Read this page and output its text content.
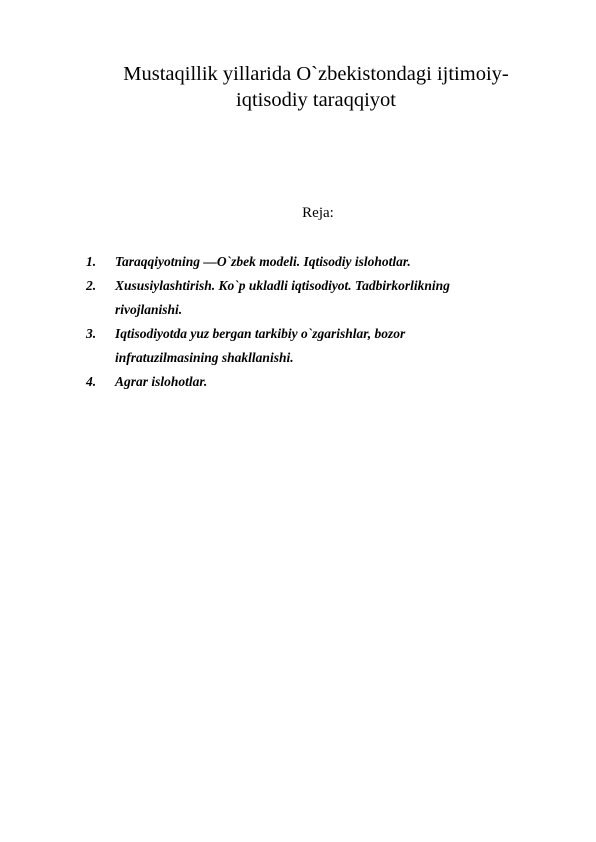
Mustaqillik yillarida O`zbekistondagi ijtimoiy-
iqtisodiy taraqqiyot
Reja:
1. Taraqqiyotning ―O`zbek modeli. Iqtisodiy islohotlar.
2. Xususiylashtirish. Ko`p ukladli iqtisodiyot. Tadbirkorlikning
rivojlanishi.
3. Iqtisodiyotda yuz bergan tarkibiy o`zgarishlar, bozor
infratuzilmasining shakllanishi.
4. Agrar islohotlar.
